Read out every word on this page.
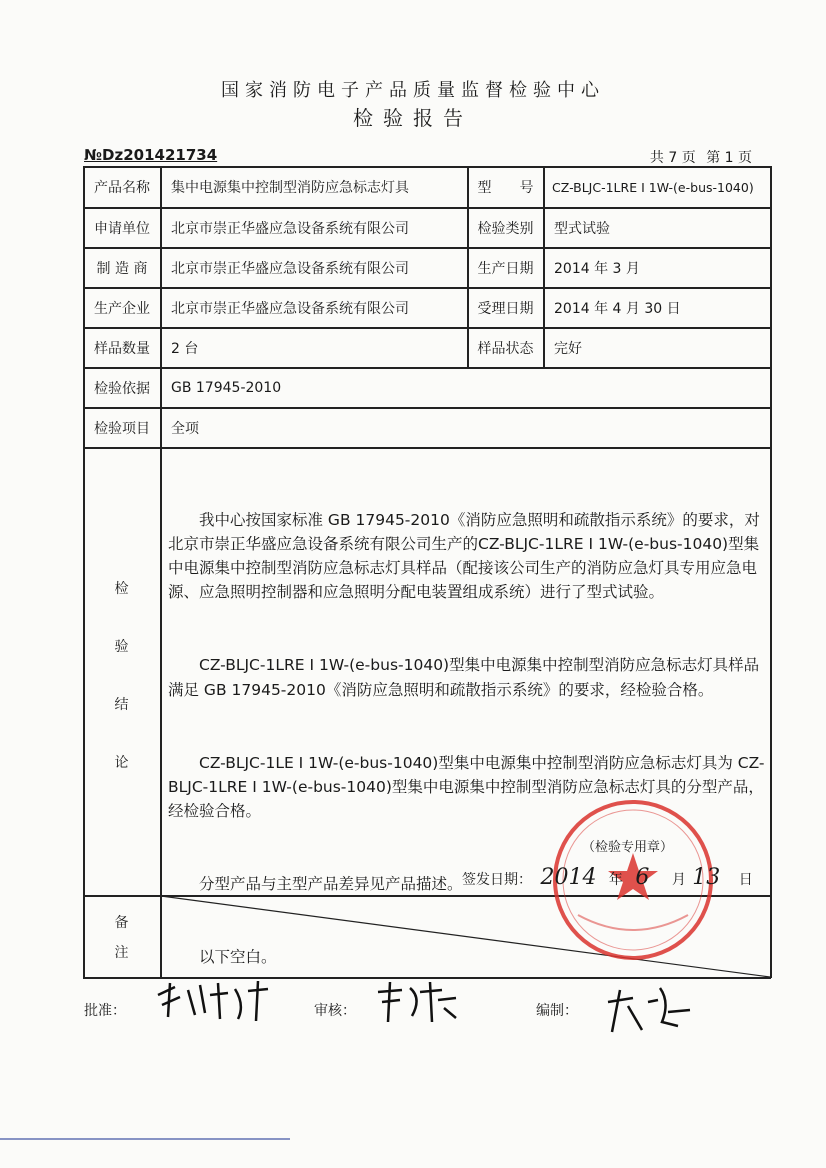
国家消防电子产品质量监督检验中心
检验报告
№Dz201421734	共 7 页 第 1 页
产品名称	集中电源集中控制型消防应急标志灯具	型　　号	CZ-BLJC-1LRE I 1W-(e-bus-1040)
申请单位	北京市崇正华盛应急设备系统有限公司	检验类别	型式试验
制 造 商	北京市崇正华盛应急设备系统有限公司	生产日期	2014 年 3 月
生产企业	北京市崇正华盛应急设备系统有限公司	受理日期	2014 年 4 月 30 日
样品数量	2 台	样品状态	完好
检验依据	GB 17945-2010
检验项目	全项
检
验
结
论

　　我中心按国家标准 GB 17945-2010《消防应急照明和疏散指示系统》的要求，对北京市崇正华盛应急设备系统有限公司生产的CZ-BLJC-1LRE I 1W-(e-bus-1040)型集中电源集中控制型消防应急标志灯具样品（配接该公司生产的消防应急灯具专用应急电源、应急照明控制器和应急照明分配电装置组成系统）进行了型式试验。

　　CZ-BLJC-1LRE I 1W-(e-bus-1040)型集中电源集中控制型消防应急标志灯具样品满足 GB 17945-2010《消防应急照明和疏散指示系统》的要求，经检验合格。

　　CZ-BLJC-1LE I 1W-(e-bus-1040)型集中电源集中控制型消防应急标志灯具为 CZ-BLJC-1LRE I 1W-(e-bus-1040)型集中电源集中控制型消防应急标志灯具的分型产品，经检验合格。

　　分型产品与主型产品差异见产品描述。

　　以下空白。

（检验专用章）
签发日期： 2014 年 6 月 13 日
备
注
批准：	审核：	编制：
